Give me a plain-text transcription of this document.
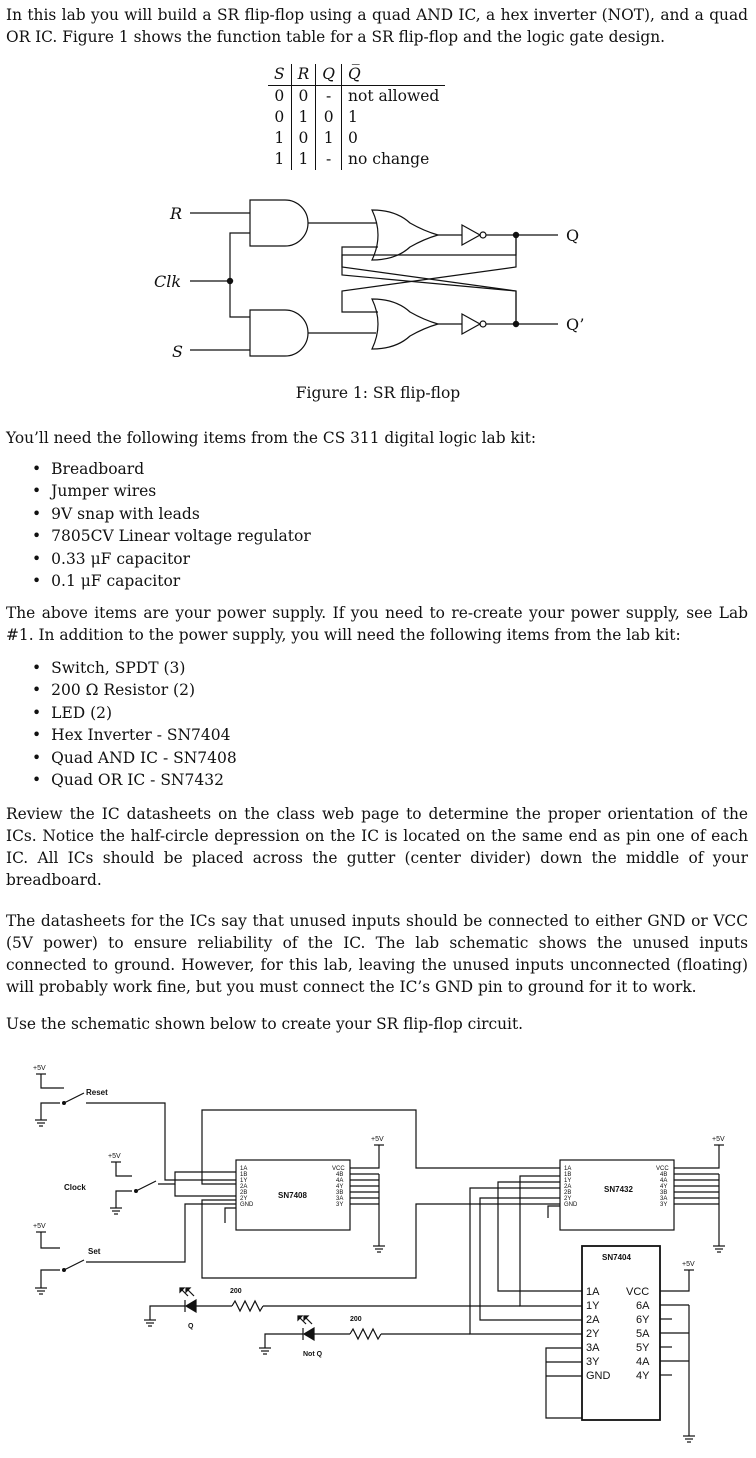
In this lab you will build a SR flip-flop using a quad AND IC, a hex inverter (NOT), and a quad OR IC. Figure 1 shows the function table for a SR flip-flop and the logic gate design.

S	R	Q	Q̅
0	0	-	not allowed
0	1	0	1
1	0	1	0
1	1	-	no change
R
Clk
S
Q
Q’
Figure 1: SR flip-flop

You’ll need the following items from the CS 311 digital logic lab kit:

• Breadboard
• Jumper wires
• 9V snap with leads
• 7805CV Linear voltage regulator
• 0.33 μF capacitor
• 0.1 μF capacitor

The above items are your power supply. If you need to re-create your power supply, see Lab #1. In addition to the power supply, you will need the following items from the lab kit:

• Switch, SPDT (3)
• 200 Ω Resistor (2)
• LED (2)
• Hex Inverter - SN7404
• Quad AND IC - SN7408
• Quad OR IC - SN7432

Review the IC datasheets on the class web page to determine the proper orientation of the ICs. Notice the half-circle depression on the IC is located on the same end as pin one of each IC. All ICs should be placed across the gutter (center divider) down the middle of your breadboard.

The datasheets for the ICs say that unused inputs should be connected to either GND or VCC (5V power) to ensure reliability of the IC. The lab schematic shows the unused inputs connected to ground. However, for this lab, leaving the unused inputs unconnected (floating) will probably work fine, but you must connect the IC’s GND pin to ground for it to work.

Use the schematic shown below to create your SR flip-flop circuit.

+5V
Reset
+5V
Clock
+5V
Set
SN7408
1A 1B 1Y 2A 2B 2Y GND
VCC 4B 4A 4Y 3B 3A 3Y
+5V
SN7432
1A 1B 1Y 2A 2B 2Y GND
VCC 4B 4A 4Y 3B 3A 3Y
+5V
SN7404
1A
1Y
2A
2Y
3A
3Y
GND
VCC
6A
6Y
5A
5Y
4A
4Y
+5V
Q
200
Not Q
200
